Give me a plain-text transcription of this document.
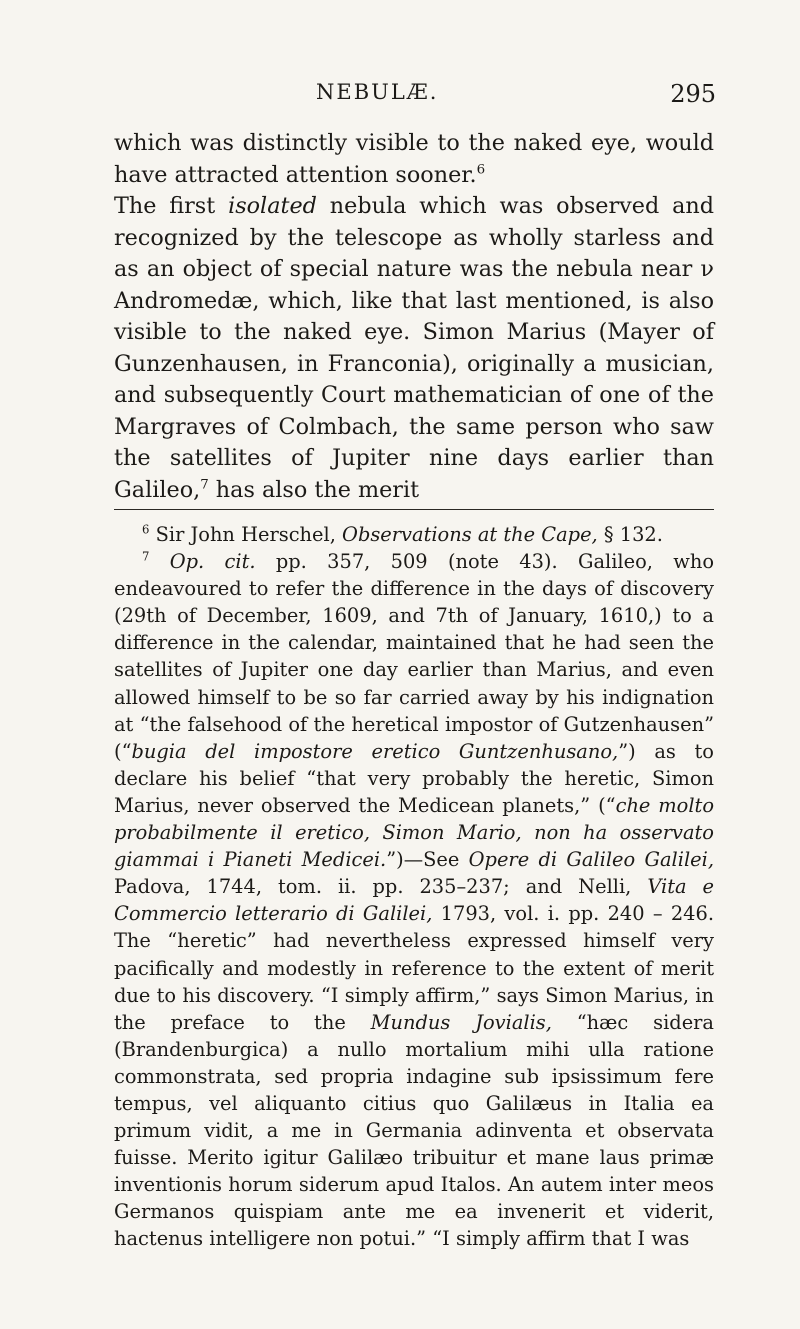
NEBULÆ.	295

which was distinctly visible to the naked eye, would have attracted attention sooner.$^6$

The first isolated nebula which was observed and recognized by the telescope as wholly starless and as an object of special nature was the nebula near ν Andromedæ, which, like that last mentioned, is also visible to the naked eye. Simon Marius (Mayer of Gunzenhausen, in Franconia), originally a musician, and subsequently Court mathematician of one of the Margraves of Colmbach, the same person who saw the satellites of Jupiter nine days earlier than Galileo,$^7$ has also the merit

$^6$ Sir John Herschel, Observations at the Cape, § 132.

$^7$ Op. cit. pp. 357, 509 (note 43). Galileo, who endeavoured to refer the difference in the days of discovery (29th of December, 1609, and 7th of January, 1610,) to a difference in the calendar, maintained that he had seen the satellites of Jupiter one day earlier than Marius, and even allowed himself to be so far carried away by his indignation at “the falsehood of the heretical impostor of Gutzenhausen” (“bugia del impostore eretico Guntzenhusano,”) as to declare his belief “that very probably the heretic, Simon Marius, never observed the Medicean planets,” (“che molto probabilmente il eretico, Simon Mario, non ha osservato giammai i Pianeti Medicei.”)—See Opere di Galileo Galilei, Padova, 1744, tom. ii. pp. 235–237; and Nelli, Vita e Commercio letterario di Galilei, 1793, vol. i. pp. 240 – 246. The “heretic” had nevertheless expressed himself very pacifically and modestly in reference to the extent of merit due to his discovery. “I simply affirm,” says Simon Marius, in the preface to the Mundus Jovialis, “hæc sidera (Brandenburgica) a nullo mortalium mihi ulla ratione commonstrata, sed propria indagine sub ipsissimum fere tempus, vel aliquanto citius quo Galilæus in Italia ea primum vidit, a me in Germania adinventa et observata fuisse. Merito igitur Galilæo tribuitur et mane laus primæ inventionis horum siderum apud Italos. An autem inter meos Germanos quispiam ante me ea invenerit et viderit, hactenus intelligere non potui.” “I simply affirm that I was
